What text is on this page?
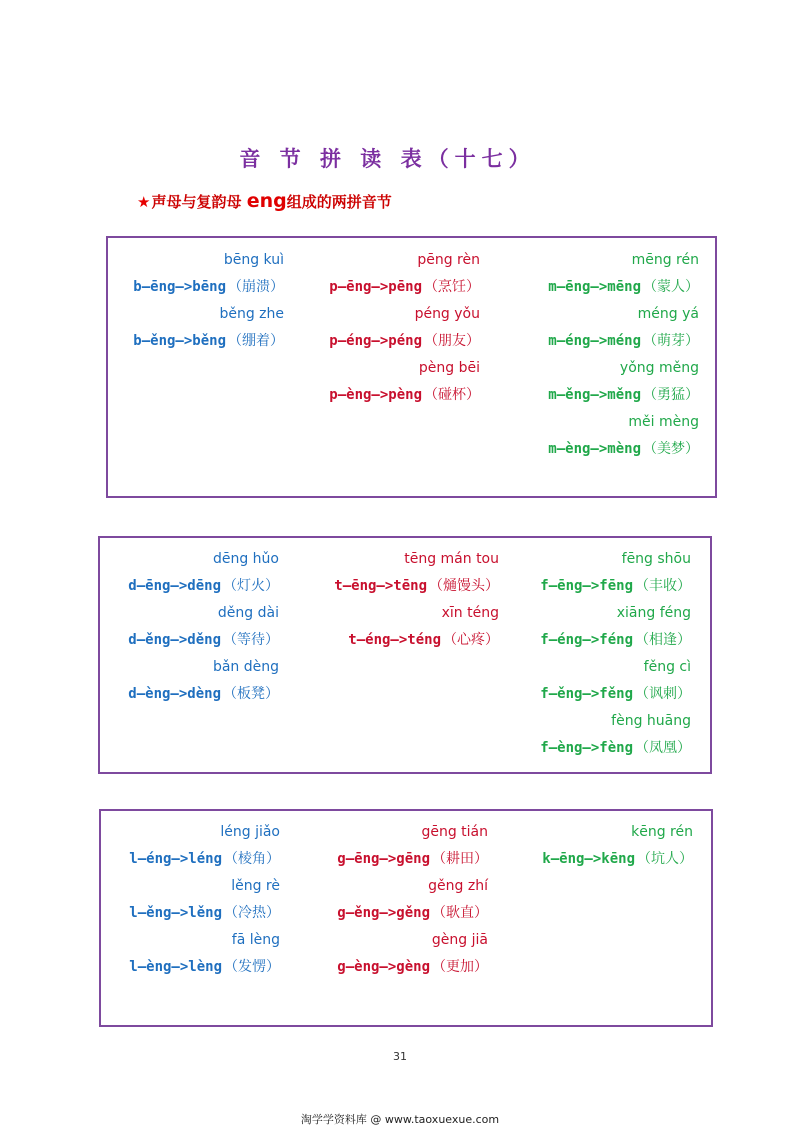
音 节 拼 读 表（十七）
★声母与复韵母 eng组成的两拼音节
bēng kuì
b—ēng—>bēng （崩溃）
běng zhe
b—ěng—>běng （绷着）
pēng rèn
p—ēng—>pēng （烹饪）
péng yǒu
p—éng—>péng （朋友）
pèng bēi
p—èng—>pèng （碰杯）
mēng rén
m—ēng—>mēng （蒙人）
méng yá
m—éng—>méng （萌芽）
yǒng měng
m—ěng—>měng （勇猛）
měi mèng
m—èng—>mèng （美梦）
dēng hǔo
d—ēng—>dēng （灯火）
děng dài
d—ěng—>děng （等待）
bǎn dèng
d—èng—>dèng （板凳）
tēng mán tou
t—ēng—>tēng （熥馒头）
xīn téng
t—éng—>téng （心疼）
fēng shōu
f—ēng—>fēng （丰收）
xiāng féng
f—éng—>féng （相逢）
fěng cì
f—ěng—>fěng （讽刺）
fèng huāng
f—èng—>fèng （凤凰）
léng jiǎo
l—éng—>léng （棱角）
lěng rè
l—ěng—>lěng （冷热）
fā lèng
l—èng—>lèng （发愣）
gēng tián
g—ēng—>gēng （耕田）
gěng zhí
g—ěng—>gěng （耿直）
gèng jiā
g—èng—>gèng （更加）
kēng rén
k—ēng—>kēng （坑人）
31
淘学学资料库 @ www.taoxuexue.com
